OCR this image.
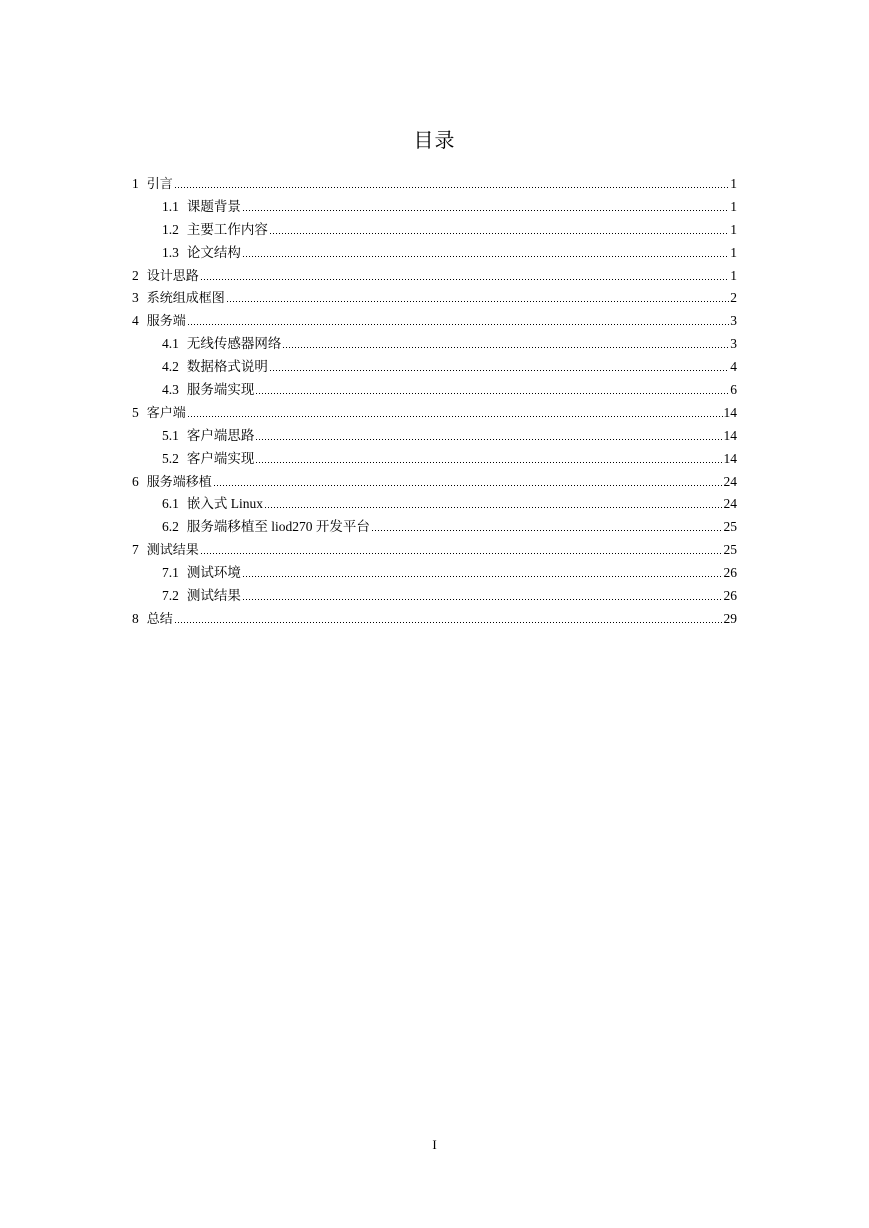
目录
1 引言	1
1.1 课题背景	1
1.2 主要工作内容	1
1.3 论文结构	1
2 设计思路	1
3 系统组成框图	2
4 服务端	3
4.1 无线传感器网络	3
4.2 数据格式说明	4
4.3 服务端实现	6
5 客户端	14
5.1 客户端思路	14
5.2 客户端实现	14
6 服务端移植	24
6.1 嵌入式 Linux	24
6.2 服务端移植至 liod270 开发平台	25
7 测试结果	25
7.1 测试环境	26
7.2 测试结果	26
8 总结	29
I
